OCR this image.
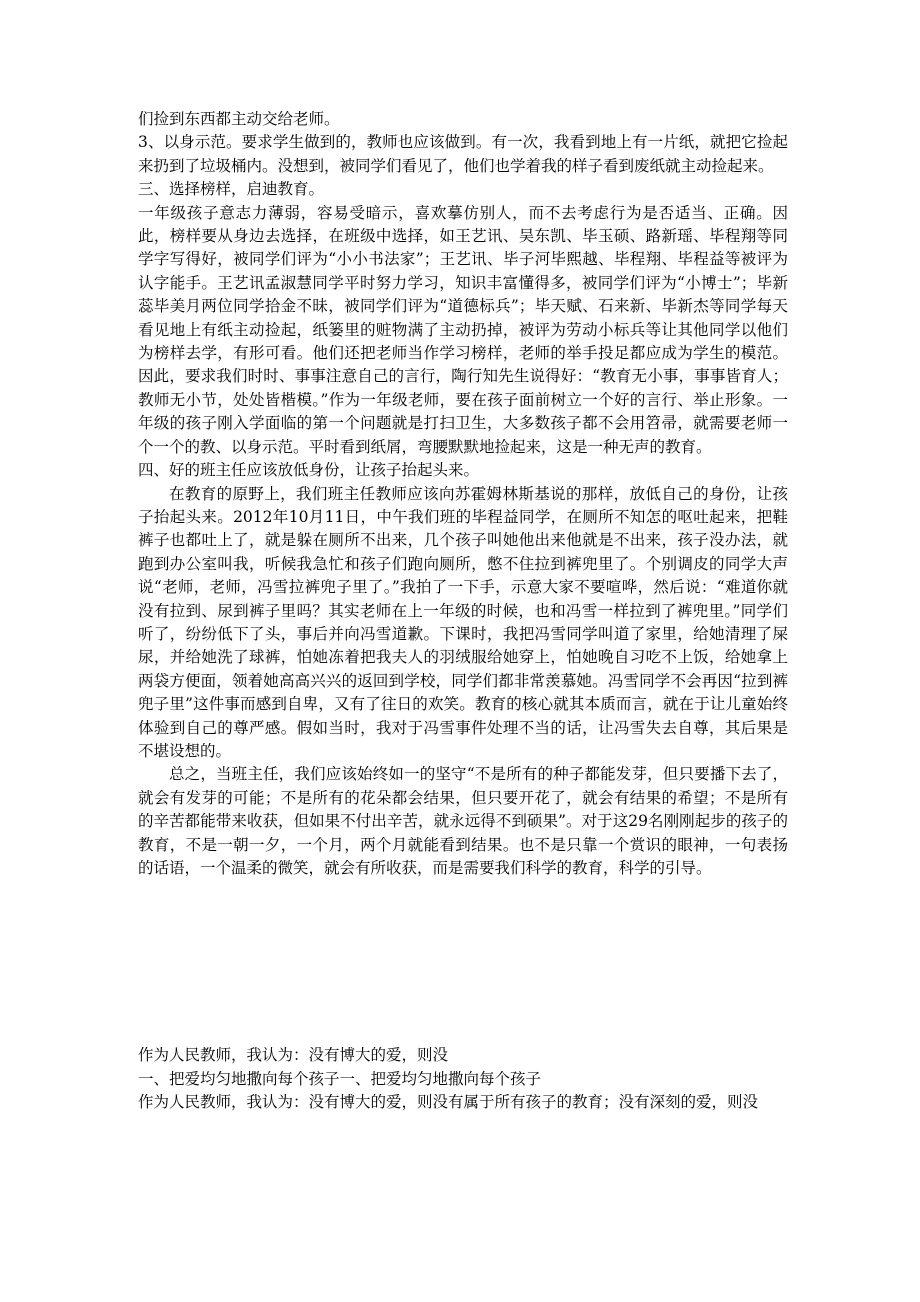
们捡到东西都主动交给老师。

3、以身示范。要求学生做到的，教师也应该做到。有一次，我看到地上有一片纸，就把它捡起来扔到了垃圾桶内。没想到，被同学们看见了，他们也学着我的样子看到废纸就主动捡起来。

三、选择榜样，启迪教育。

一年级孩子意志力薄弱，容易受暗示，喜欢摹仿别人，而不去考虑行为是否适当、正确。因此，榜样要从身边去选择，在班级中选择，如王艺讯、吴东凯、毕玉硕、路新瑶、毕程翔等同学字写得好，被同学们评为“小小书法家”；王艺讯、毕子河毕熙越、毕程翔、毕程益等被评为认字能手。王艺讯孟淑慧同学平时努力学习，知识丰富懂得多，被同学们评为“小博士”；毕新蕊毕美月两位同学拾金不昧，被同学们评为“道德标兵”；毕天赋、石来新、毕新杰等同学每天看见地上有纸主动捡起，纸篓里的赃物满了主动扔掉，被评为劳动小标兵等让其他同学以他们为榜样去学，有形可看。他们还把老师当作学习榜样，老师的举手投足都应成为学生的模范。因此，要求我们时时、事事注意自己的言行，陶行知先生说得好：“教育无小事，事事皆育人；教师无小节，处处皆楷模。”作为一年级老师，要在孩子面前树立一个好的言行、举止形象。一年级的孩子刚入学面临的第一个问题就是打扫卫生，大多数孩子都不会用笤帚，就需要老师一个一个的教、以身示范。平时看到纸屑，弯腰默默地捡起来，这是一种无声的教育。

四、好的班主任应该放低身份，让孩子抬起头来。

在教育的原野上，我们班主任教师应该向苏霍姆林斯基说的那样，放低自己的身份，让孩子抬起头来。2012年10月11日，中午我们班的毕程益同学，在厕所不知怎的呕吐起来，把鞋裤子也都吐上了，就是躲在厕所不出来，几个孩子叫她他出来他就是不出来，孩子没办法，就跑到办公室叫我，听候我急忙和孩子们跑向厕所，憋不住拉到裤兜里了。个别调皮的同学大声说“老师，老师，冯雪拉裤兜子里了。”我拍了一下手，示意大家不要喧哗，然后说：“难道你就没有拉到、尿到裤子里吗？其实老师在上一年级的时候，也和冯雪一样拉到了裤兜里。”同学们听了，纷纷低下了头，事后并向冯雪道歉。下课时，我把冯雪同学叫道了家里，给她清理了屎尿，并给她洗了球裤，怕她冻着把我夫人的羽绒服给她穿上，怕她晚自习吃不上饭，给她拿上两袋方便面，领着她高高兴兴的返回到学校，同学们都非常羡慕她。冯雪同学不会再因“拉到裤兜子里”这件事而感到自卑，又有了往日的欢笑。教育的核心就其本质而言，就在于让儿童始终体验到自己的尊严感。假如当时，我对于冯雪事件处理不当的话，让冯雪失去自尊，其后果是不堪设想的。

总之，当班主任，我们应该始终如一的坚守“不是所有的种子都能发芽，但只要播下去了，就会有发芽的可能；不是所有的花朵都会结果，但只要开花了，就会有结果的希望；不是所有的辛苦都能带来收获，但如果不付出辛苦，就永远得不到硕果”。对于这29名刚刚起步的孩子的教育，不是一朝一夕，一个月，两个月就能看到结果。也不是只靠一个赏识的眼神，一句表扬的话语，一个温柔的微笑，就会有所收获，而是需要我们科学的教育，科学的引导。

作为人民教师，我认为：没有博大的爱，则没

一、把爱均匀地撒向每个孩子一、把爱均匀地撒向每个孩子

作为人民教师，我认为：没有博大的爱，则没有属于所有孩子的教育；没有深刻的爱，则没
